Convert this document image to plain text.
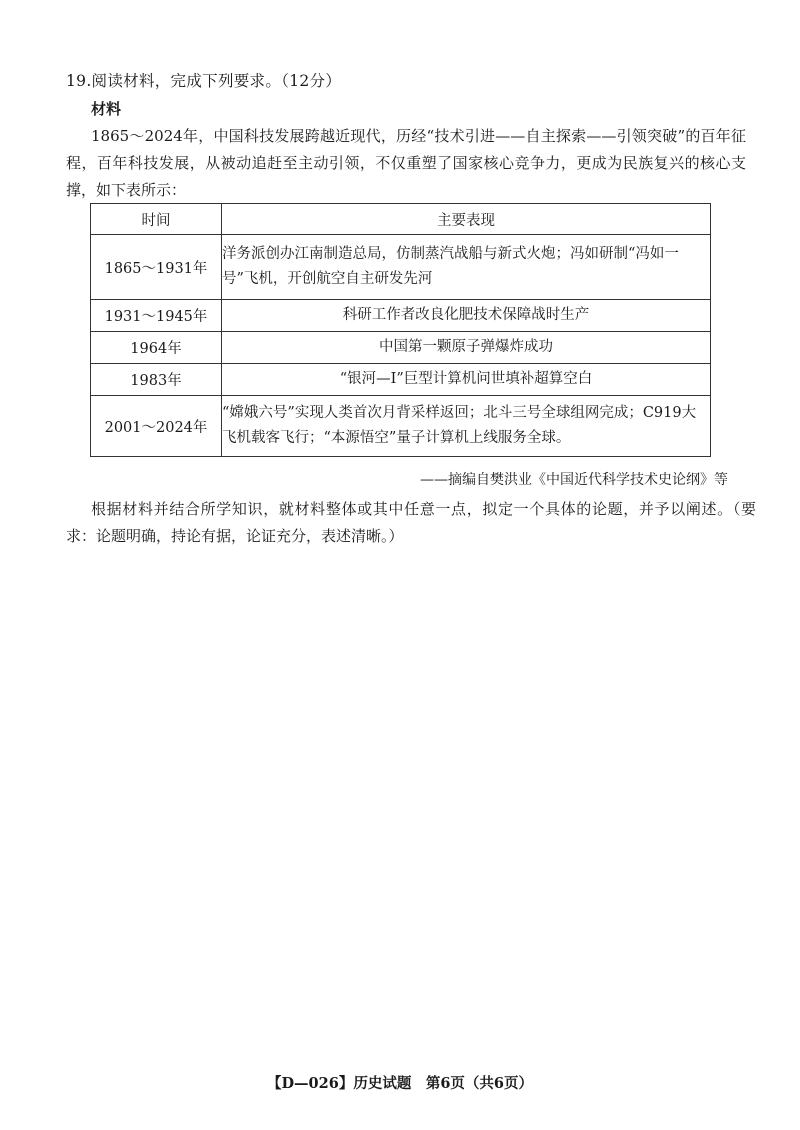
19.阅读材料，完成下列要求。（12分）
材料
1865～2024年，中国科技发展跨越近现代，历经“技术引进——自主探索——引领突破”的百年征程，百年科技发展，从被动追赶至主动引领，不仅重塑了国家核心竞争力，更成为民族复兴的核心支撑，如下表所示：
时间	主要表现
1865～1931年	洋务派创办江南制造总局，仿制蒸汽战船与新式火炮；冯如研制“冯如一号”飞机，开创航空自主研发先河
1931～1945年	科研工作者改良化肥技术保障战时生产
1964年	中国第一颗原子弹爆炸成功
1983年	“银河—I”巨型计算机问世填补超算空白
2001～2024年	“嫦娥六号”实现人类首次月背采样返回；北斗三号全球组网完成；C919大飞机载客飞行；“本源悟空”量子计算机上线服务全球。
——摘编自樊洪业《中国近代科学技术史论纲》等
根据材料并结合所学知识，就材料整体或其中任意一点，拟定一个具体的论题，并予以阐述。（要求：论题明确，持论有据，论证充分，表述清晰。）
【D—026】历史试题　第6页（共6页）
